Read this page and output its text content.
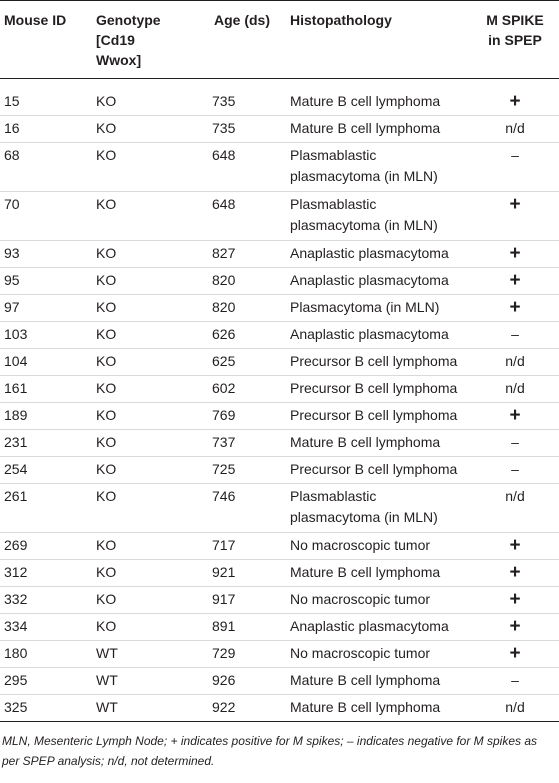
Mouse ID	Genotype
[Cd19
Wwox]	Age (ds)	Histopathology	M SPIKE
in SPEP
15	KO	735	Mature B cell lymphoma	+
16	KO	735	Mature B cell lymphoma	n/d
68	KO	648	Plasmablastic
plasmacytoma (in MLN)	–
70	KO	648	Plasmablastic
plasmacytoma (in MLN)	+
93	KO	827	Anaplastic plasmacytoma	+
95	KO	820	Anaplastic plasmacytoma	+
97	KO	820	Plasmacytoma (in MLN)	+
103	KO	626	Anaplastic plasmacytoma	–
104	KO	625	Precursor B cell lymphoma	n/d
161	KO	602	Precursor B cell lymphoma	n/d
189	KO	769	Precursor B cell lymphoma	+
231	KO	737	Mature B cell lymphoma	–
254	KO	725	Precursor B cell lymphoma	–
261	KO	746	Plasmablastic
plasmacytoma (in MLN)	n/d
269	KO	717	No macroscopic tumor	+
312	KO	921	Mature B cell lymphoma	+
332	KO	917	No macroscopic tumor	+
334	KO	891	Anaplastic plasmacytoma	+
180	WT	729	No macroscopic tumor	+
295	WT	926	Mature B cell lymphoma	–
325	WT	922	Mature B cell lymphoma	n/d
MLN, Mesenteric Lymph Node; + indicates positive for M spikes; – indicates negative for M spikes as per SPEP analysis; n/d, not determined.
